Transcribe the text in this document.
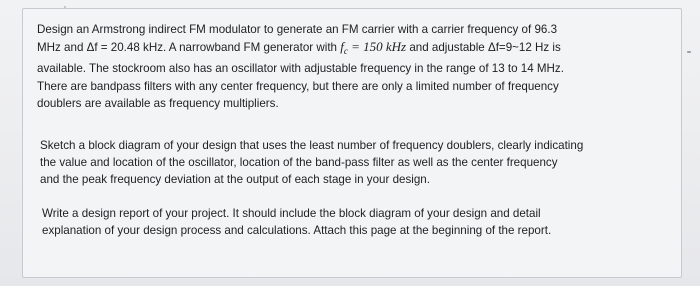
Design an Armstrong indirect FM modulator to generate an FM carrier with a carrier frequency of 96.3
MHz and Δf = 20.48 kHz. A narrowband FM generator with $f_c = 150$ kHz and adjustable Δf=9~12 Hz is
available. The stockroom also has an oscillator with adjustable frequency in the range of 13 to 14 MHz.
There are bandpass filters with any center frequency, but there are only a limited number of frequency
doublers are available as frequency multipliers.

Sketch a block diagram of your design that uses the least number of frequency doublers, clearly indicating
the value and location of the oscillator, location of the band-pass filter as well as the center frequency
and the peak frequency deviation at the output of each stage in your design.

Write a design report of your project. It should include the block diagram of your design and detail
explanation of your design process and calculations. Attach this page at the beginning of the report.
